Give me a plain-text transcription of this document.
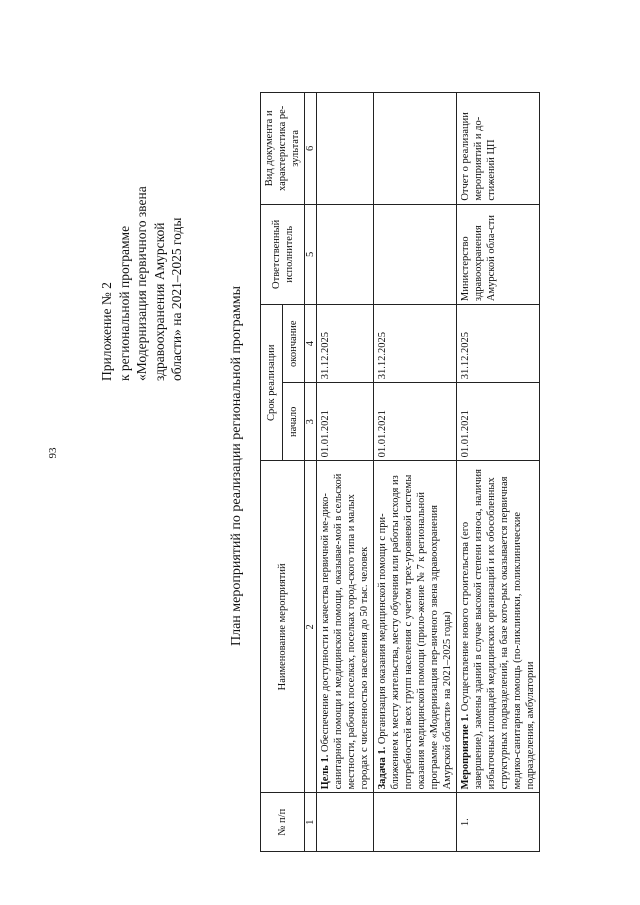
93
Приложение № 2 к региональной программе «Модернизация первичного звена здравоохранения Амурской области» на 2021–2025 годы	План мероприятий по реализации региональной программы
№ п/п	Наименование мероприятий	Срок реализации		Ответственный исполнитель	Вид документа и характеристика ре-зультата
		начало	окончание		
1	2	3	4	5	6
	Цель 1. Обеспечение доступности и качества первичной ме-дико-санитарной помощи и медицинской помощи, оказывае-мой в сельской местности, рабочих поселках, поселках город-ского типа и малых городах с численностью населения до 50 тыс. человек	01.01.2021	31.12.2025		
	Задача 1. Организация оказания медицинской помощи с при-ближением к месту жительства, месту обучения или работы исходя из потребностей всех групп населения с учетом трех-уровневой системы оказания медицинской помощи (прило-жение № 7 к региональной программе «Модернизация пер-вичного звена здравоохранения Амурской области» на 2021–2025 годы)	01.01.2021	31.12.2025		
1.	Мероприятие 1. Осуществление нового строительства (его завершение), замены зданий в случае высокой степени износа, наличия избыточных площадей медицинских организаций и их обособленных структурных подразделений, на базе кото-рых оказывается первичная медико-санитарная помощь (по-ликлиники, поликлинические подразделения, амбулатории	01.01.2021	31.12.2025	Министерство здравоохранения Амурской обла-сти	Отчет о реализации мероприятий и до-стижений ЦП
